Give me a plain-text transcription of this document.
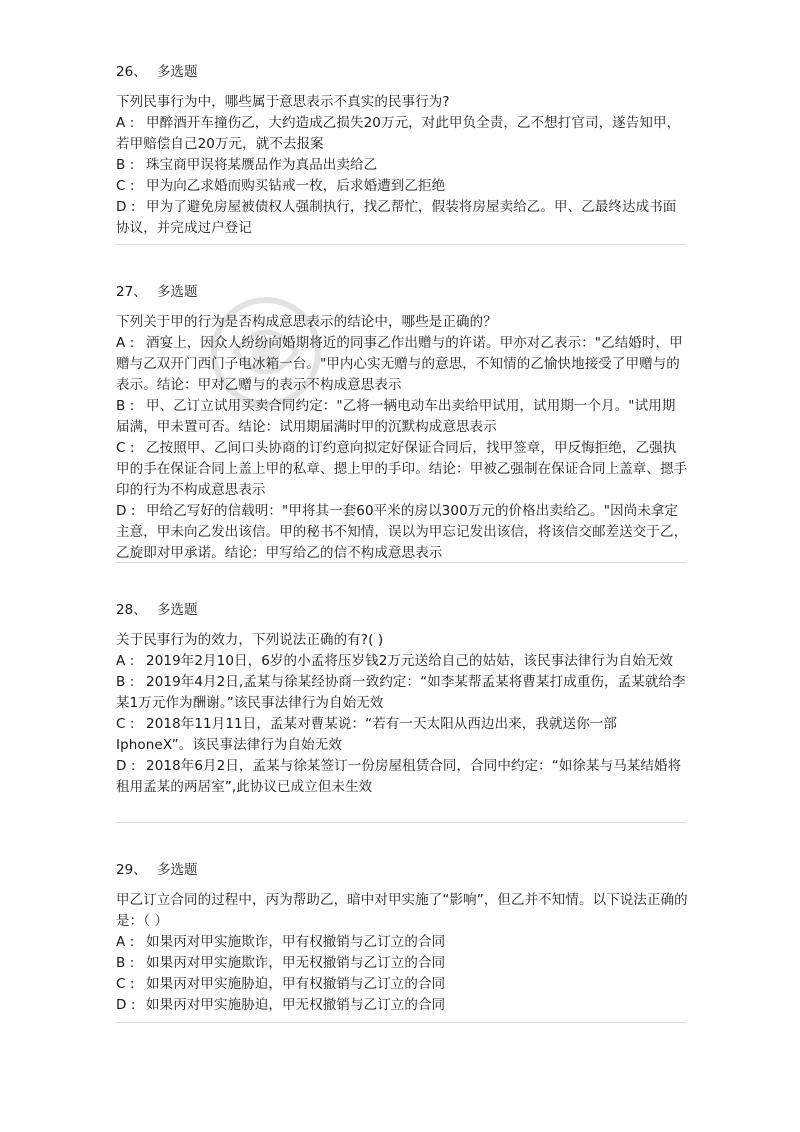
26、 多选题

下列民事行为中，哪些属于意思表示不真实的民事行为?

A : 甲醉酒开车撞伤乙，大约造成乙损失20万元，对此甲负全责，乙不想打官司，遂告知甲，若甲赔偿自己20万元，就不去报案

B : 珠宝商甲误将某赝品作为真品出卖给乙

C : 甲为向乙求婚而购买钻戒一枚，后求婚遭到乙拒绝

D : 甲为了避免房屋被债权人强制执行，找乙帮忙，假装将房屋卖给乙。甲、乙最终达成书面协议，并完成过户登记

27、 多选题

下列关于甲的行为是否构成意思表示的结论中，哪些是正确的？

A : 酒宴上，因众人纷纷向婚期将近的同事乙作出赠与的许诺。甲亦对乙表示："乙结婚时，甲赠与乙双开门西门子电冰箱一台。"甲内心实无赠与的意思，不知情的乙愉快地接受了甲赠与的表示。结论：甲对乙赠与的表示不构成意思表示

B : 甲、乙订立试用买卖合同约定："乙将一辆电动车出卖给甲试用，试用期一个月。"试用期届满，甲未置可否。结论：试用期届满时甲的沉默构成意思表示

C : 乙按照甲、乙间口头协商的订约意向拟定好保证合同后，找甲签章，甲反悔拒绝，乙强执甲的手在保证合同上盖上甲的私章、摁上甲的手印。结论：甲被乙强制在保证合同上盖章、摁手印的行为不构成意思表示

D : 甲给乙写好的信载明："甲将其一套60平米的房以300万元的价格出卖给乙。"因尚未拿定主意，甲未向乙发出该信。甲的秘书不知情，误以为甲忘记发出该信，将该信交邮差送交于乙，乙旋即对甲承诺。结论：甲写给乙的信不构成意思表示

28、 多选题

关于民事行为的效力，下列说法正确的有?( )

A : 2019年2月10日，6岁的小孟将压岁钱2万元送给自己的姑姑，该民事法律行为自始无效

B : 2019年4月2日,孟某与徐某经协商一致约定：“如李某帮孟某将曹某打成重伤，孟某就给李某1万元作为酬谢。”该民事法律行为自始无效

C : 2018年11月11日，孟某对曹某说：“若有一天太阳从西边出来，我就送你一部IphoneX”。该民事法律行为自始无效

D : 2018年6月2日，孟某与徐某签订一份房屋租赁合同，合同中约定：“如徐某与马某结婚将租用孟某的两居室”,此协议已成立但未生效

29、 多选题

甲乙订立合同的过程中，丙为帮助乙，暗中对甲实施了“影响”，但乙并不知情。以下说法正确的是：（ ）

A : 如果丙对甲实施欺诈，甲有权撤销与乙订立的合同

B : 如果丙对甲实施欺诈，甲无权撤销与乙订立的合同

C : 如果丙对甲实施胁迫，甲有权撤销与乙订立的合同

D : 如果丙对甲实施胁迫，甲无权撤销与乙订立的合同
